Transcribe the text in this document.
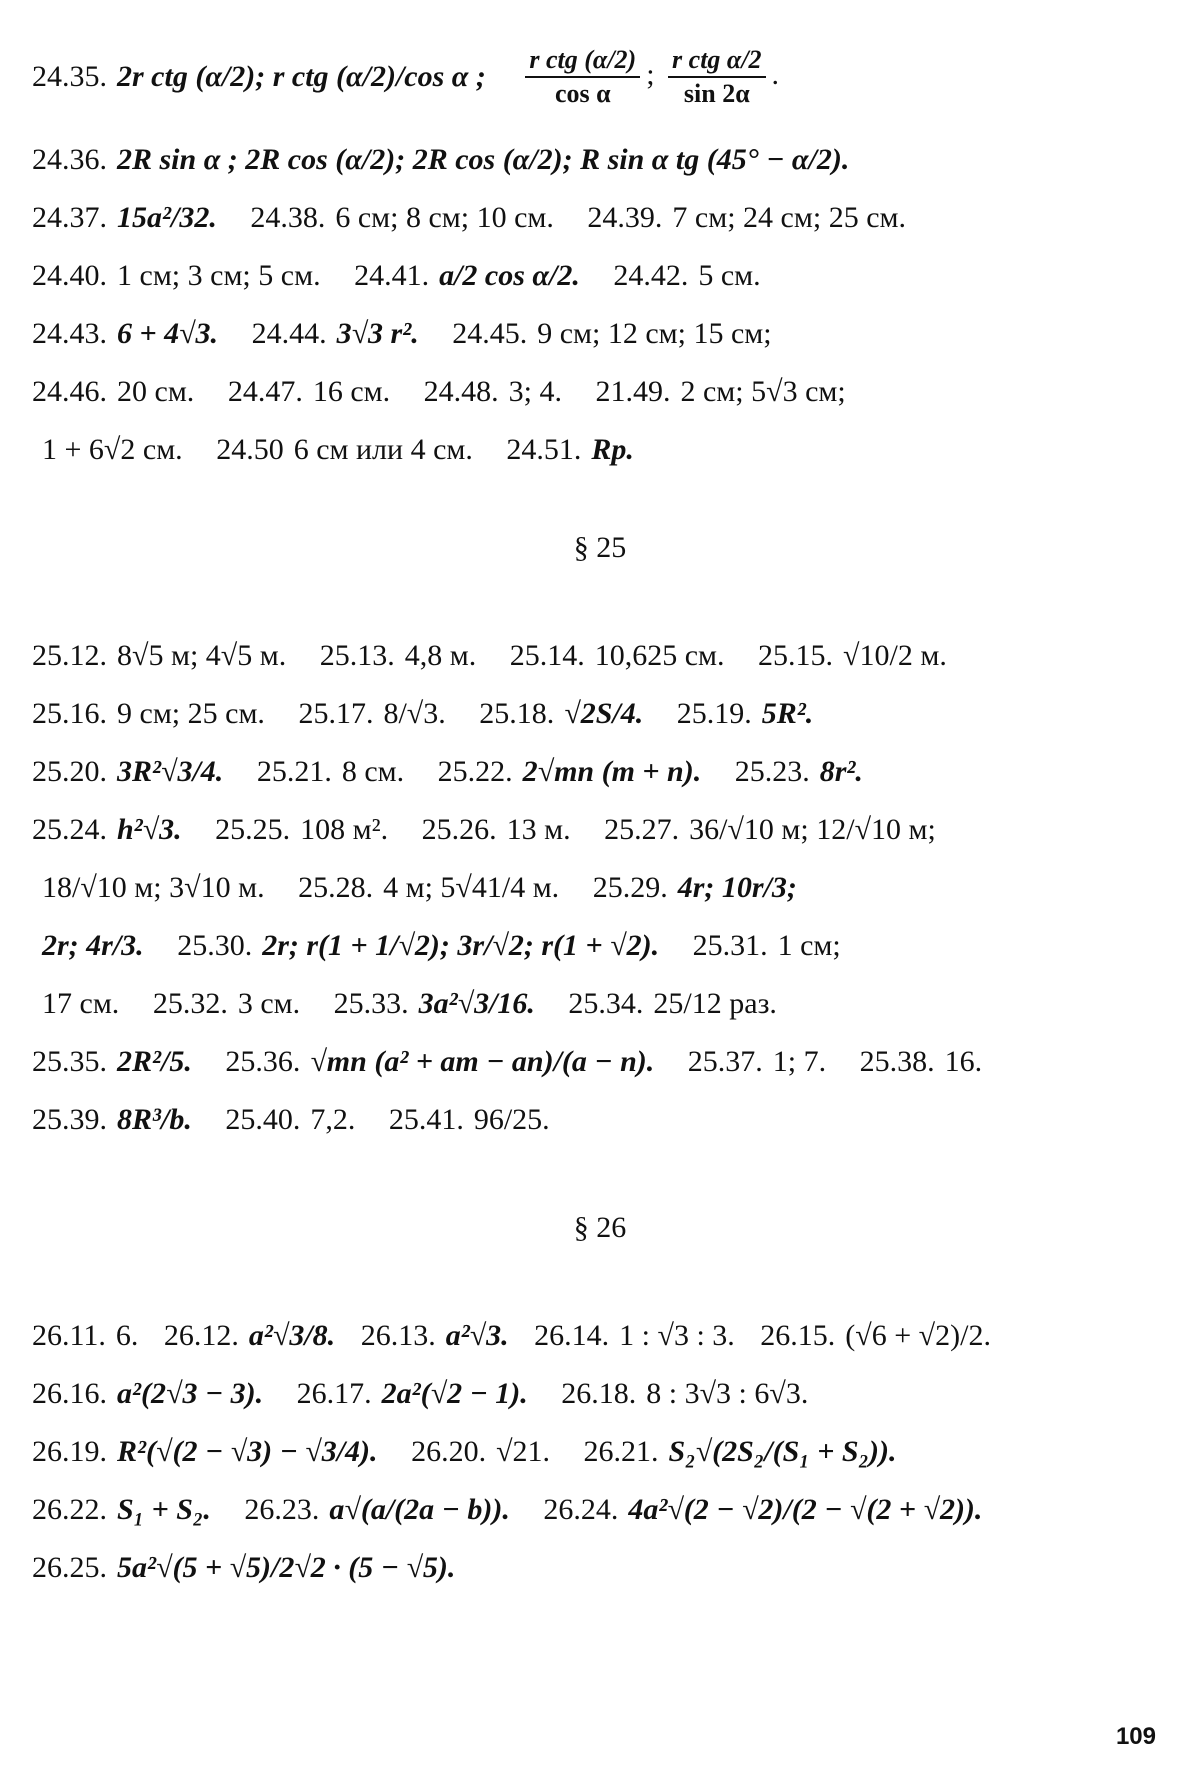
24.35. 2r ctg (α/2); r ctg (α/2)/cos α ; $\frac{\text{r ctg (α/2)}}{\text{cos α}}$ ; $\frac{\text{r ctg α/2}}{\sin 2\alpha}$ .
24.36. 2R sin α ; 2R cos (α/2); 2R cos (α/2); R sin α tg (45° − α/2).
24.37. 15a²/32. 24.38. 6 см; 8 см; 10 см. 24.39. 7 см; 24 см; 25 см.
24.40. 1 см; 3 см; 5 см. 24.41. a/2 cos α/2. 24.42. 5 см.
24.43. 6 + 4√3. 24.44. 3√3 r². 24.45. 9 см; 12 см; 15 см;
24.46. 20 см. 24.47. 16 см. 24.48. 3; 4. 21.49. 2 см; 5√3 см;
1 + 6√2 см. 24.50 6 см или 4 см. 24.51. Rp.
§ 25
25.12. 8√5 м; 4√5 м. 25.13. 4,8 м. 25.14. 10,625 см. 25.15. √10/2 м.
25.16. 9 см; 25 см. 25.17. 8/√3. 25.18. √2S/4. 25.19. 5R².
25.20. 3R²√3/4. 25.21. 8 см. 25.22. 2√mn (m + n). 25.23. 8r².
25.24. h²√3. 25.25. 108 м². 25.26. 13 м. 25.27. 36/√10 м; 12/√10 м;
18/√10 м; 3√10 м. 25.28. 4 м; 5√41/4 м. 25.29. 4r; 10r/3;
2r; 4r/3. 25.30. 2r; r(1 + 1/√2); 3r/√2; r(1 + √2). 25.31. 1 см;
17 см. 25.32. 3 см. 25.33. 3a²√3/16. 25.34. 25/12 раз.
25.35. 2R²/5. 25.36. √mn (a² + am − an)/(a − n). 25.37. 1; 7. 25.38. 16.
25.39. 8R³/b. 25.40. 7,2. 25.41. 96/25.
§ 26
26.11. 6. 26.12. a²√3/8. 26.13. a²√3. 26.14. 1 : √3 : 3. 26.15. (√6 + √2)/2.
26.16. a²(2√3 − 3). 26.17. 2a²(√2 − 1). 26.18. 8 : 3√3 : 6√3.
26.19. R²(√(2 − √3) − √3/4). 26.20. √21. 26.21. S₂√(2S₂/(S₁ + S₂)).
26.22. S₁ + S₂. 26.23. a√(a/(2a − b)). 26.24. 4a²√(2 − √2)/(2 − √(2 + √2)).
26.25. 5a²√(5 + √5)/2√2 · (5 − √5).
109
